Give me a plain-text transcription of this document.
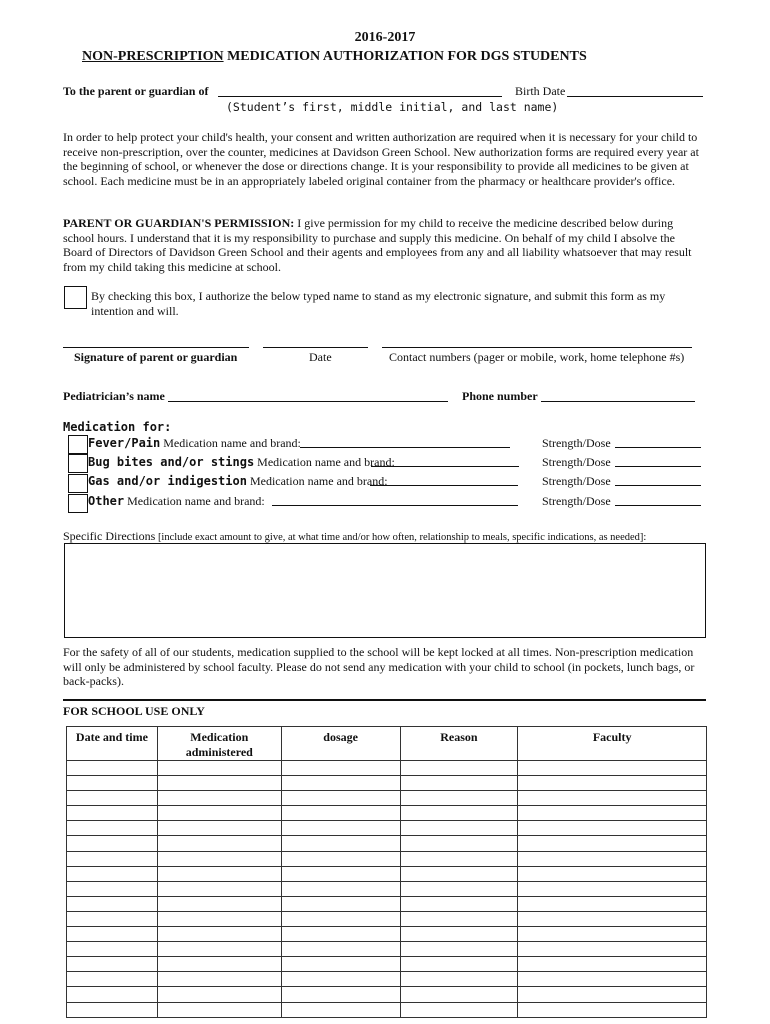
2016-2017
NON-PRESCRIPTION MEDICATION AUTHORIZATION FOR DGS STUDENTS
To the parent or guardian of	Birth Date
(Student’s first, middle initial, and last name)
In order to help protect your child's health, your consent and written authorization are required when it is necessary for your child to receive non-prescription, over the counter, medicines at Davidson Green School. New authorization forms are required every year at the beginning of school, or whenever the dose or directions change. It is your responsibility to provide all medicines to be given at school. Each medicine must be in an appropriately labeled original container from the pharmacy or healthcare provider's office.
PARENT OR GUARDIAN'S PERMISSION: I give permission for my child to receive the medicine described below during school hours. I understand that it is my responsibility to purchase and supply this medicine. On behalf of my child I absolve the Board of Directors of Davidson Green School and their agents and employees from any and all liability whatsoever that may result from my child taking this medicine at school.
By checking this box, I authorize the below typed name to stand as my electronic signature, and submit this form as my intention and will.
Signature of parent or guardian	Date	Contact numbers (pager or mobile, work, home telephone #s)
Pediatrician’s name	Phone number
Medication for:
Fever/Pain Medication name and brand:	Strength/Dose
Bug bites and/or stings Medication name and brand:	Strength/Dose
Gas and/or indigestion Medication name and brand:	Strength/Dose
Other Medication name and brand:	Strength/Dose
Specific Directions [include exact amount to give, at what time and/or how often, relationship to meals, specific indications, as needed]:
For the safety of all of our students, medication supplied to the school will be kept locked at all times. Non-prescription medication will only be administered by school faculty. Please do not send any medication with your child to school (in pockets, lunch bags, or back-packs).
FOR SCHOOL USE ONLY
Date and time	Medication administered	dosage	Reason	Faculty
